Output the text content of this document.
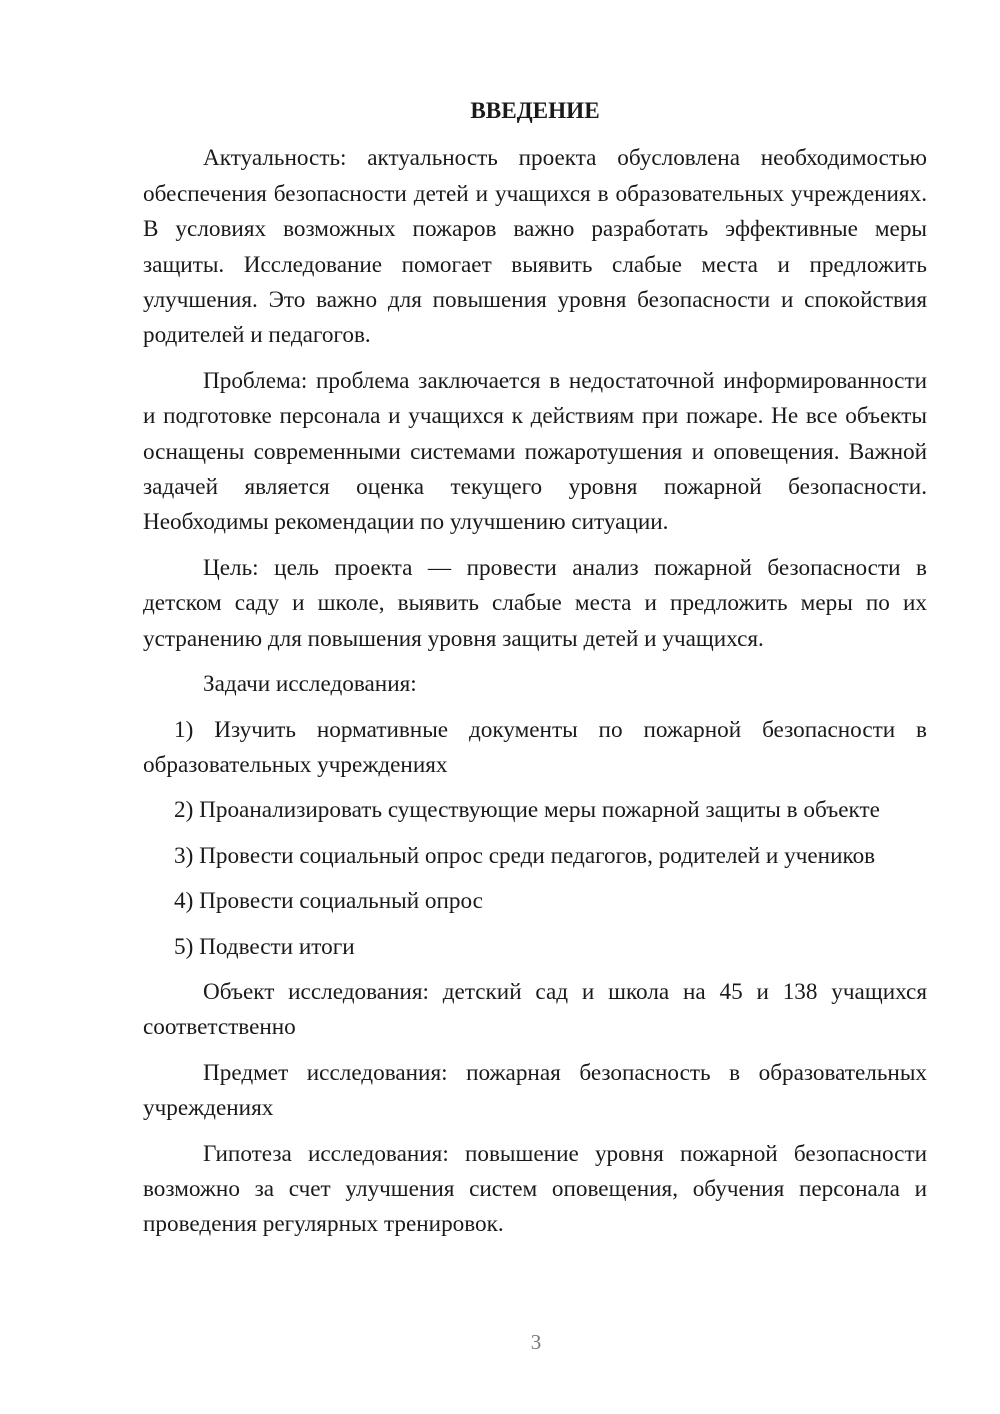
ВВЕДЕНИЕ

Актуальность: актуальность проекта обусловлена необходимостью обеспечения безопасности детей и учащихся в образовательных учреждениях. В условиях возможных пожаров важно разработать эффективные меры защиты. Исследование помогает выявить слабые места и предложить улучшения. Это важно для повышения уровня безопасности и спокойствия родителей и педагогов.

Проблема: проблема заключается в недостаточной информированности и подготовке персонала и учащихся к действиям при пожаре. Не все объекты оснащены современными системами пожаротушения и оповещения. Важной задачей является оценка текущего уровня пожарной безопасности. Необходимы рекомендации по улучшению ситуации.

Цель: цель проекта — провести анализ пожарной безопасности в детском саду и школе, выявить слабые места и предложить меры по их устранению для повышения уровня защиты детей и учащихся.

Задачи исследования:

1) Изучить нормативные документы по пожарной безопасности в образовательных учреждениях

2) Проанализировать существующие меры пожарной защиты в объекте

3) Провести социальный опрос среди педагогов, родителей и учеников

4) Провести социальный опрос

5) Подвести итоги

Объект исследования: детский сад и школа на 45 и 138 учащихся соответственно

Предмет исследования: пожарная безопасность в образовательных учреждениях

Гипотеза исследования: повышение уровня пожарной безопасности возможно за счет улучшения систем оповещения, обучения персонала и проведения регулярных тренировок.

3
